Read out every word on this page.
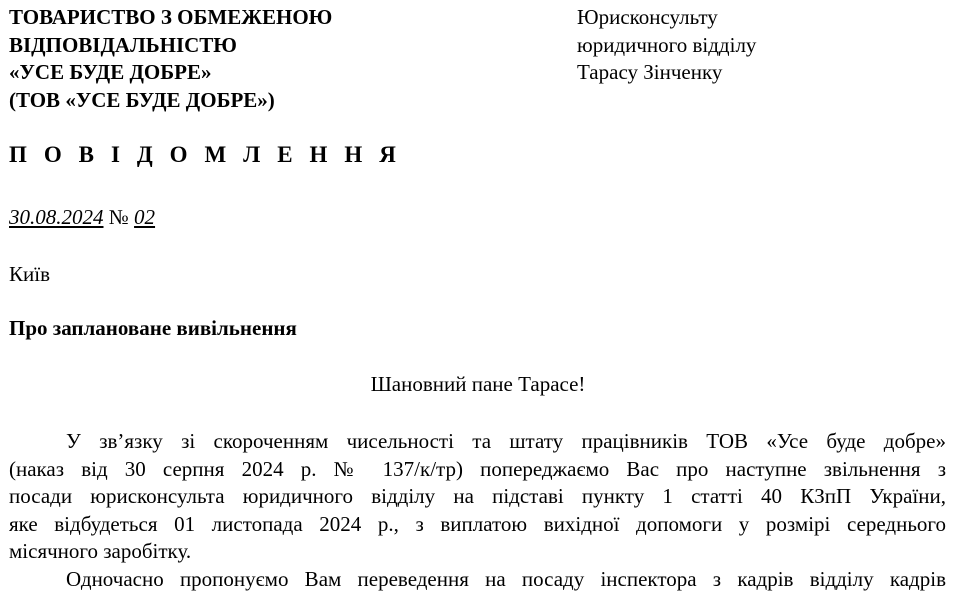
ТОВАРИСТВО З ОБМЕЖЕНОЮ
ВІДПОВІДАЛЬНІСТЮ
«УСЕ БУДЕ ДОБРЕ»
(ТОВ «УСЕ БУДЕ ДОБРЕ»)
Юрисконсульту
юридичного відділу
Тарасу Зінченку
П О В І Д О М Л Е Н Н Я
30.08.2024 № 02
Київ
Про заплановане вивільнення
Шановний пане Тарасе!
У зв’язку зі скороченням чисельності та штату працівників ТОВ «Усе буде добре»
(наказ від 30 серпня 2024 р. № 137/к/тр) попереджаємо Вас про наступне звільнення з
посади юрисконсульта юридичного відділу на підставі пункту 1 статті 40 КЗпП України,
яке відбудеться 01 листопада 2024 р., з виплатою вихідної допомоги у розмірі середнього
місячного заробітку.
Одночасно пропонуємо Вам переведення на посаду інспектора з кадрів відділу кадрів
